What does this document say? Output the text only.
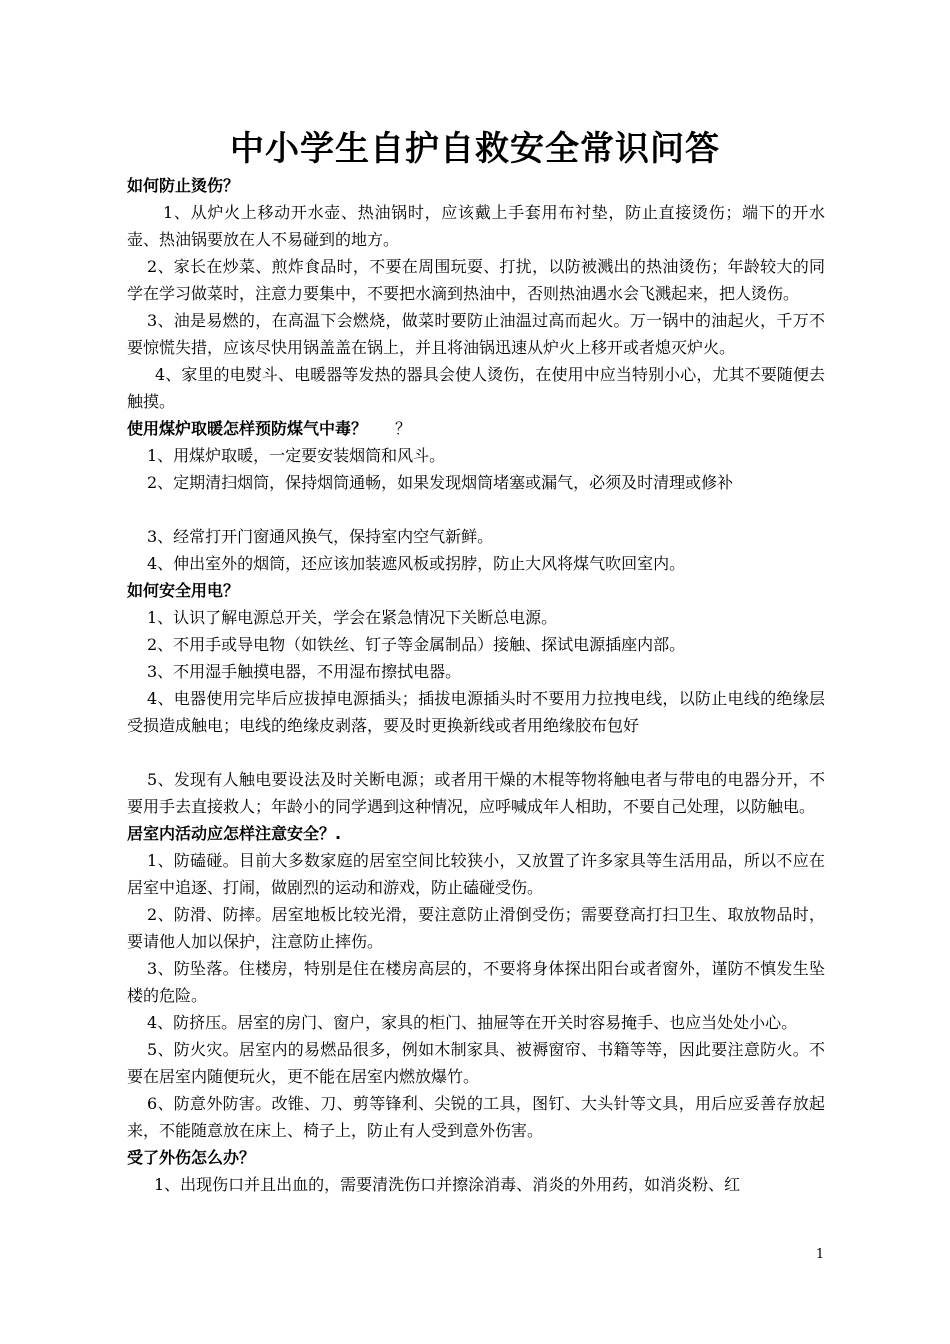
中小学生自护自救安全常识问答
如何防止烫伤？

1、从炉火上移动开水壶、热油锅时，应该戴上手套用布衬垫，防止直接烫伤；端下的开水壶、热油锅要放在人不易碰到的地方。

2、家长在炒菜、煎炸食品时，不要在周围玩耍、打扰，以防被溅出的热油烫伤；年龄较大的同学在学习做菜时，注意力要集中，不要把水滴到热油中，否则热油遇水会飞溅起来，把人烫伤。

3、油是易燃的，在高温下会燃烧，做菜时要防止油温过高而起火。万一锅中的油起火，千万不要惊慌失措，应该尽快用锅盖盖在锅上，并且将油锅迅速从炉火上移开或者熄灭炉火。

4、家里的电熨斗、电暖器等发热的器具会使人烫伤，在使用中应当特别小心，尤其不要随便去触摸。

使用煤炉取暖怎样预防煤气中毒？ ？

1、用煤炉取暖，一定要安装烟筒和风斗。

2、定期清扫烟筒，保持烟筒通畅，如果发现烟筒堵塞或漏气，必须及时清理或修补

3、经常打开门窗通风换气，保持室内空气新鲜。

4、伸出室外的烟筒，还应该加装遮风板或拐脖，防止大风将煤气吹回室内。

如何安全用电？

1、认识了解电源总开关，学会在紧急情况下关断总电源。

2、不用手或导电物（如铁丝、钉子等金属制品）接触、探试电源插座内部。

3、不用湿手触摸电器，不用湿布擦拭电器。

4、电器使用完毕后应拔掉电源插头；插拔电源插头时不要用力拉拽电线，以防止电线的绝缘层受损造成触电；电线的绝缘皮剥落，要及时更换新线或者用绝缘胶布包好

5、发现有人触电要设法及时关断电源；或者用干燥的木棍等物将触电者与带电的电器分开，不要用手去直接救人；年龄小的同学遇到这种情况，应呼喊成年人相助，不要自己处理，以防触电。

居室内活动应怎样注意安全？.

1、防磕碰。目前大多数家庭的居室空间比较狭小，又放置了许多家具等生活用品，所以不应在居室中追逐、打闹，做剧烈的运动和游戏，防止磕碰受伤。

2、防滑、防摔。居室地板比较光滑，要注意防止滑倒受伤；需要登高打扫卫生、取放物品时，要请他人加以保护，注意防止摔伤。

3、防坠落。住楼房，特别是住在楼房高层的，不要将身体探出阳台或者窗外，谨防不慎发生坠楼的危险。

4、防挤压。居室的房门、窗户，家具的柜门、抽屉等在开关时容易掩手、也应当处处小心。

5、防火灾。居室内的易燃品很多，例如木制家具、被褥窗帘、书籍等等，因此要注意防火。不要在居室内随便玩火，更不能在居室内燃放爆竹。

6、防意外防害。改锥、刀、剪等锋利、尖锐的工具，图钉、大头针等文具，用后应妥善存放起来，不能随意放在床上、椅子上，防止有人受到意外伤害。

受了外伤怎么办？

1、出现伤口并且出血的，需要清洗伤口并擦涂消毒、消炎的外用药，如消炎粉、红

1
